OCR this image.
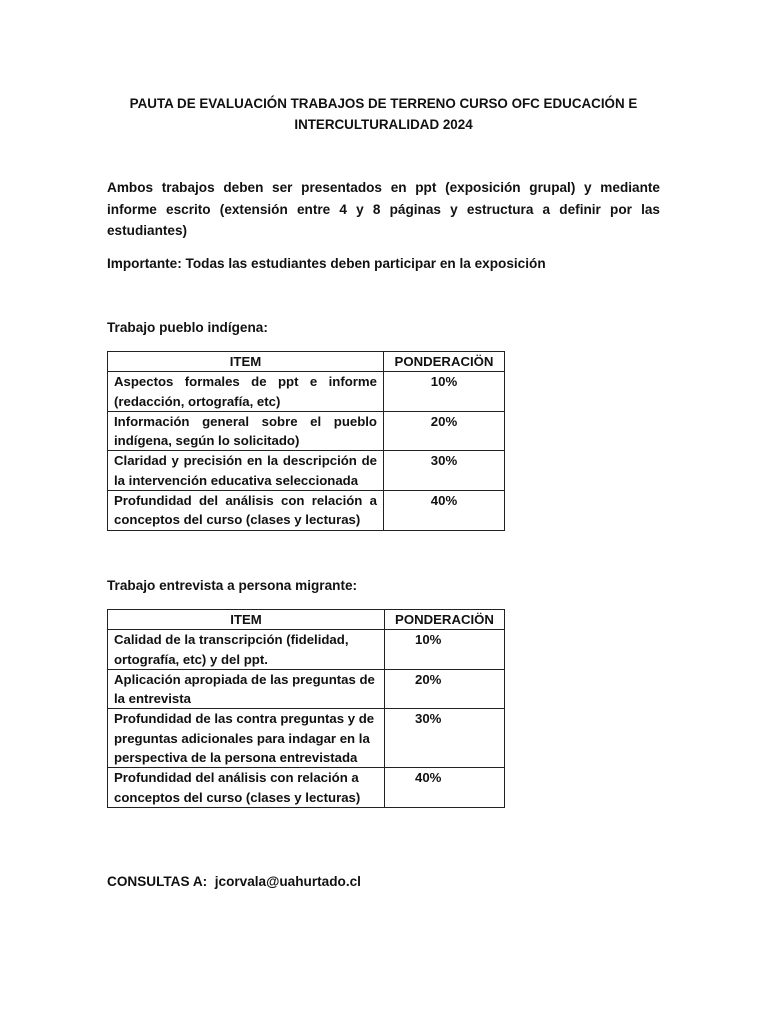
PAUTA DE EVALUACIÓN TRABAJOS DE TERRENO CURSO OFC EDUCACIÓN E
INTERCULTURALIDAD 2024

Ambos trabajos deben ser presentados en ppt (exposición grupal) y mediante informe escrito (extensión entre 4 y 8 páginas y estructura a definir por las estudiantes)

Importante: Todas las estudiantes deben participar en la exposición

Trabajo pueblo indígena:

ITEM	PONDERACIÖN
Aspectos formales de ppt e informe (redacción, ortografía, etc)	10%
Información general sobre el pueblo indígena, según lo solicitado)	20%
Claridad y precisión en la descripción de la intervención educativa seleccionada	30%
Profundidad del análisis con relación a conceptos del curso (clases y lecturas)	40%

Trabajo entrevista a persona migrante:

ITEM	PONDERACIÖN
Calidad de la transcripción (fidelidad, ortografía, etc) y del ppt.	10%
Aplicación apropiada de las preguntas de la entrevista	20%
Profundidad de las contra preguntas y de preguntas adicionales para indagar en la perspectiva de la persona entrevistada	30%
Profundidad del análisis con relación a conceptos del curso (clases y lecturas)	40%

CONSULTAS A:  jcorvala@uahurtado.cl
